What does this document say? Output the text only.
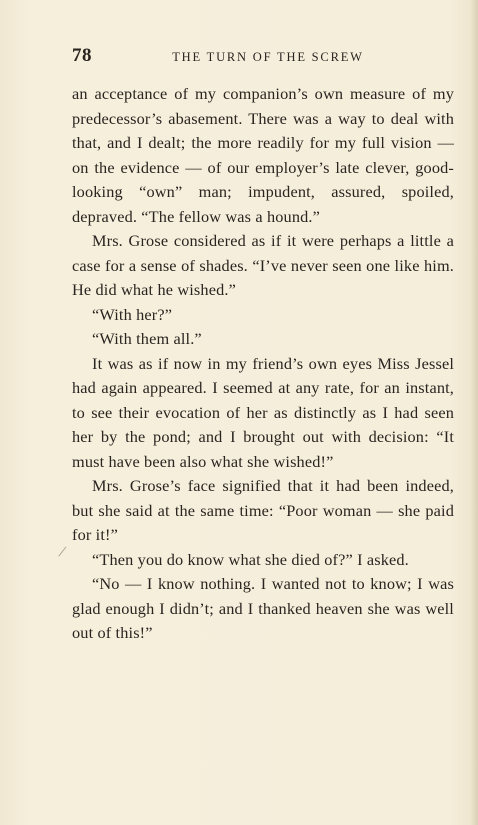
78	THE TURN OF THE SCREW

an acceptance of my companion’s own measure of my predecessor’s abasement. There was a way to deal with that, and I dealt; the more readily for my full vision — on the evidence — of our employer’s late clever, good-looking “own” man; impudent, assured, spoiled, depraved. “The fellow was a hound.”

Mrs. Grose considered as if it were perhaps a little a case for a sense of shades. “I’ve never seen one like him. He did what he wished.”

“With her?”

“With them all.”

It was as if now in my friend’s own eyes Miss Jessel had again appeared. I seemed at any rate, for an instant, to see their evocation of her as distinctly as I had seen her by the pond; and I brought out with decision: “It must have been also what she wished!”

Mrs. Grose’s face signified that it had been indeed, but she said at the same time: “Poor woman — she paid for it!”

“Then you do know what she died of?” I asked.

“No — I know nothing. I wanted not to know; I was glad enough I didn’t; and I thanked heaven she was well out of this!”
